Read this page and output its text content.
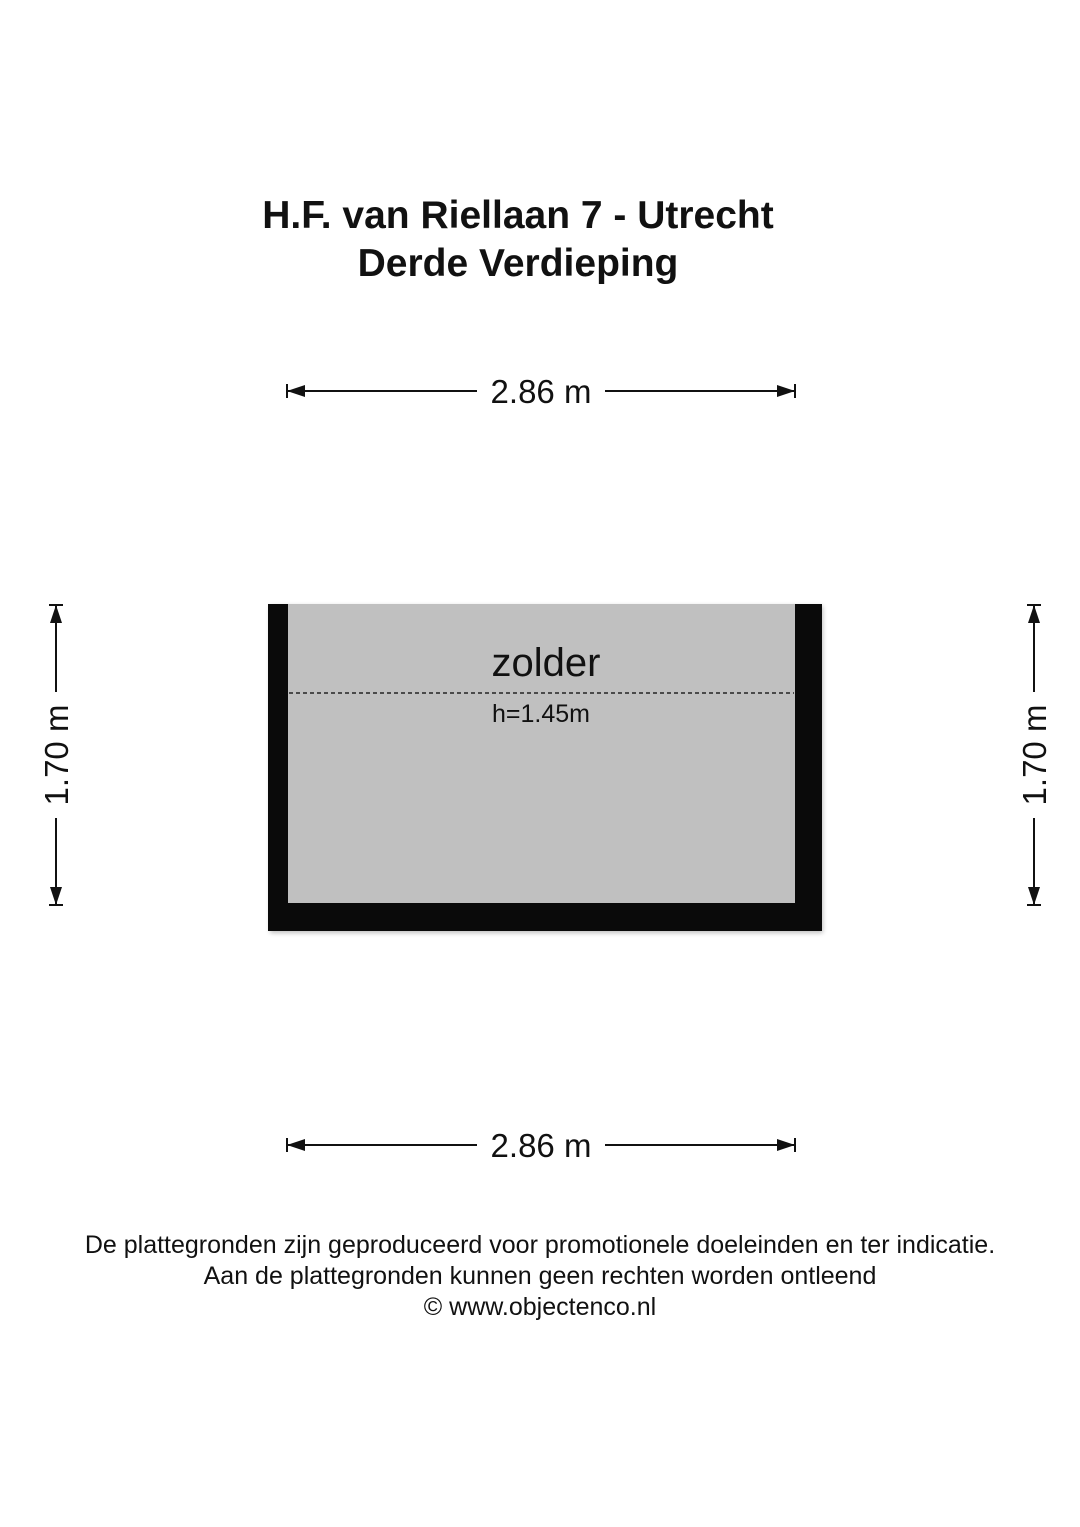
H.F. van Riellaan 7 - Utrecht
Derde Verdieping
2.86 m
2.86 m
1.70 m	1.70 m
zolder
h=1.45m
De plattegronden zijn geproduceerd voor promotionele doeleinden en ter indicatie.
Aan de plattegronden kunnen geen rechten worden ontleend
© www.objectenco.nl
